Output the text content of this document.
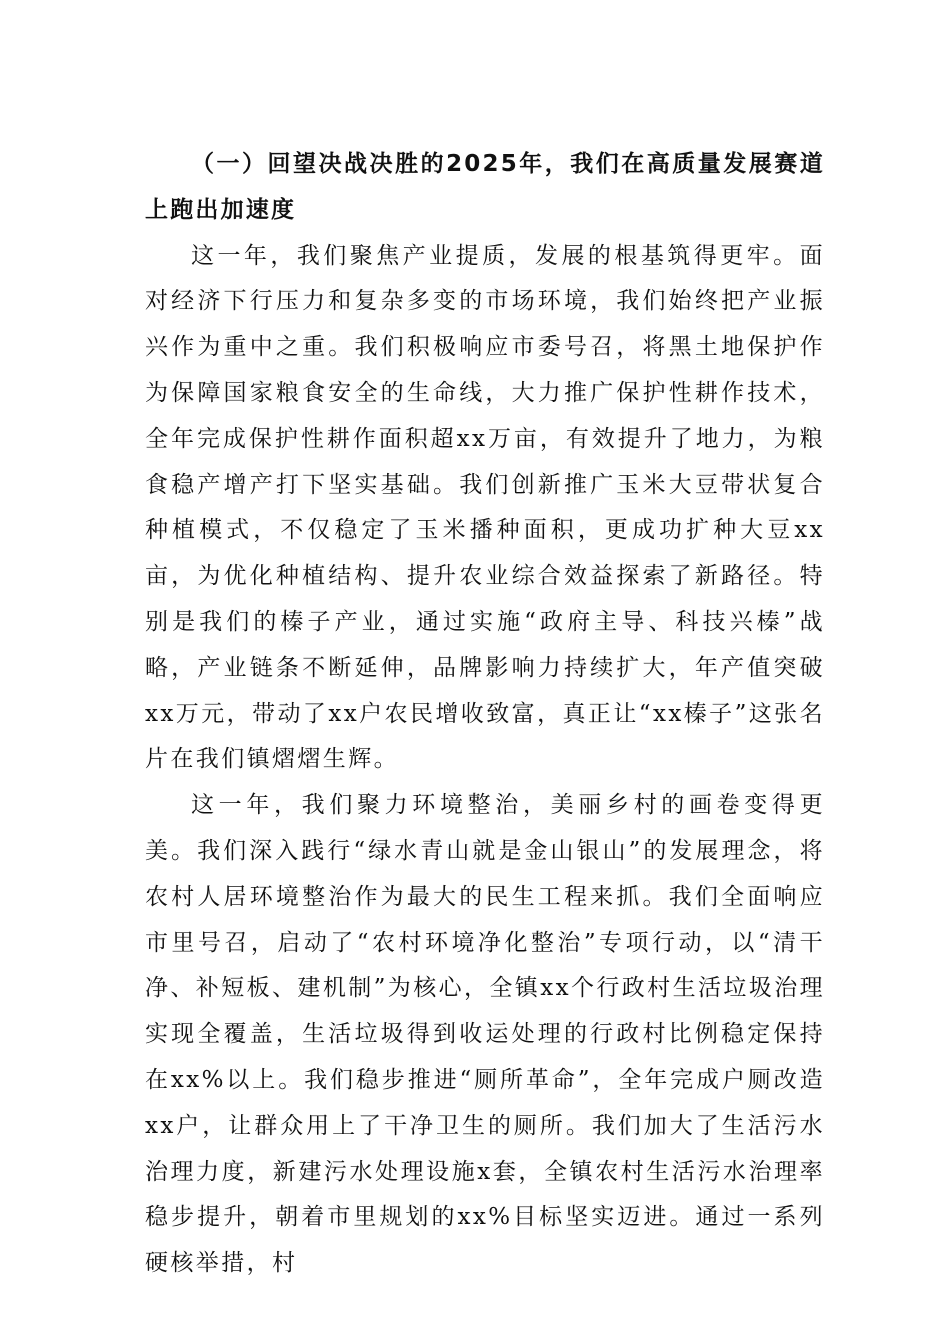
（一）回望决战决胜的2025年，我们在高质量发展赛道上跑出加速度

这一年，我们聚焦产业提质，发展的根基筑得更牢。面对经济下行压力和复杂多变的市场环境，我们始终把产业振兴作为重中之重。我们积极响应市委号召，将黑土地保护作为保障国家粮食安全的生命线，大力推广保护性耕作技术，全年完成保护性耕作面积超xx万亩，有效提升了地力，为粮食稳产增产打下坚实基础。我们创新推广玉米大豆带状复合种植模式，不仅稳定了玉米播种面积，更成功扩种大豆xx亩，为优化种植结构、提升农业综合效益探索了新路径。特别是我们的榛子产业，通过实施“政府主导、科技兴榛”战略，产业链条不断延伸，品牌影响力持续扩大，年产值突破xx万元，带动了xx户农民增收致富，真正让“xx榛子”这张名片在我们镇熠熠生辉。

这一年，我们聚力环境整治，美丽乡村的画卷变得更美。我们深入践行“绿水青山就是金山银山”的发展理念，将农村人居环境整治作为最大的民生工程来抓。我们全面响应市里号召，启动了“农村环境净化整治”专项行动，以“清干净、补短板、建机制”为核心，全镇xx个行政村生活垃圾治理实现全覆盖，生活垃圾得到收运处理的行政村比例稳定保持在xx%以上。我们稳步推进“厕所革命”，全年完成户厕改造xx户，让群众用上了干净卫生的厕所。我们加大了生活污水治理力度，新建污水处理设施x套，全镇农村生活污水治理率稳步提升，朝着市里规划的xx%目标坚实迈进。通过一系列硬核举措，村
